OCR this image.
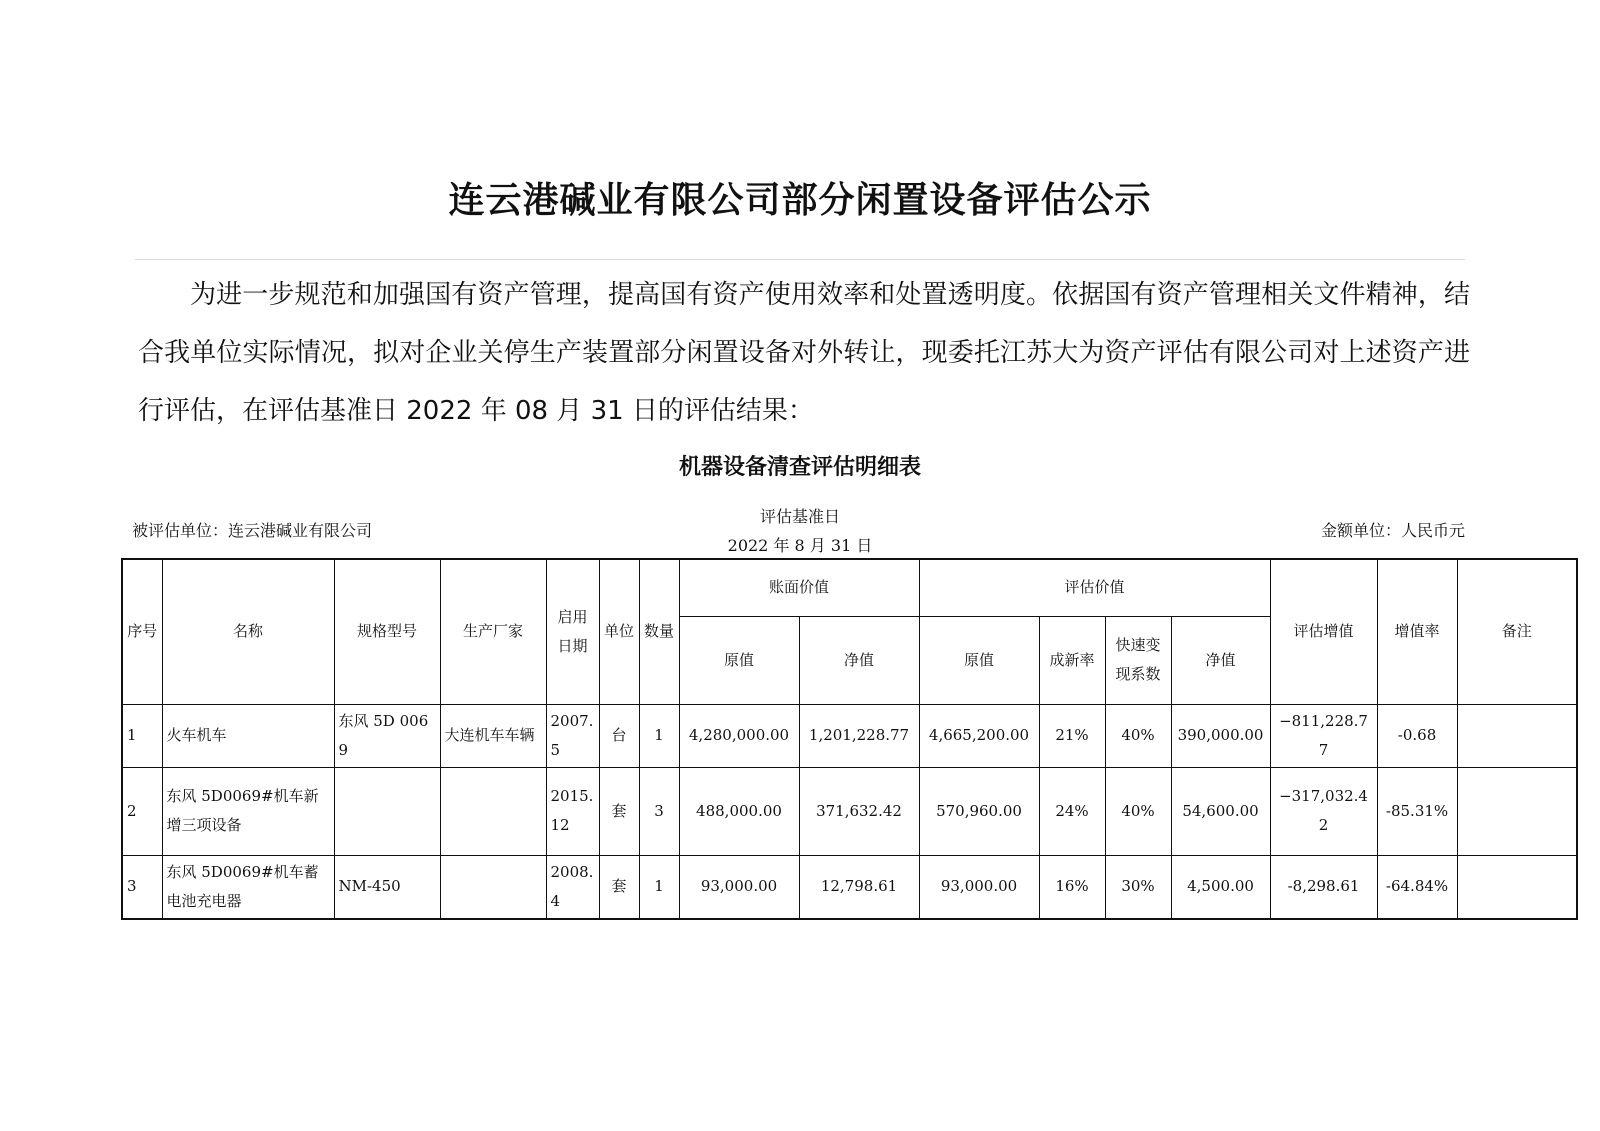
连云港碱业有限公司部分闲置设备评估公示

为进一步规范和加强国有资产管理，提高国有资产使用效率和处置透明度。依据国有资产管理相关文件精神，结合我单位实际情况，拟对企业关停生产装置部分闲置设备对外转让，现委托江苏大为资产评估有限公司对上述资产进行评估，在评估基准日 2022 年 08 月 31 日的评估结果：

机器设备清查评估明细表
被评估单位：连云港碱业有限公司
评估基准日
2022 年 8 月 31 日
金额单位：人民币元
序号	名称	规格型号	生产厂家	启用日期	单位	数量	账面价值		评估价值				评估增值	增值率	备注
							原值	净值	原值	成新率	快速变现系数	净值			
1	火车机车	东风 5D 0069	大连机车车辆	2007.5	台	1	4,280,000.00	1,201,228.77	4,665,200.00	21%	40%	390,000.00	−811,228.77	-0.68	
2	东风 5D0069#机车新增三项设备			2015.12	套	3	488,000.00	371,632.42	570,960.00	24%	40%	54,600.00	−317,032.42	-85.31%	
3	东风 5D0069#机车蓄电池充电器	NM-450		2008.4	套	1	93,000.00	12,798.61	93,000.00	16%	30%	4,500.00	-8,298.61	-64.84%	
